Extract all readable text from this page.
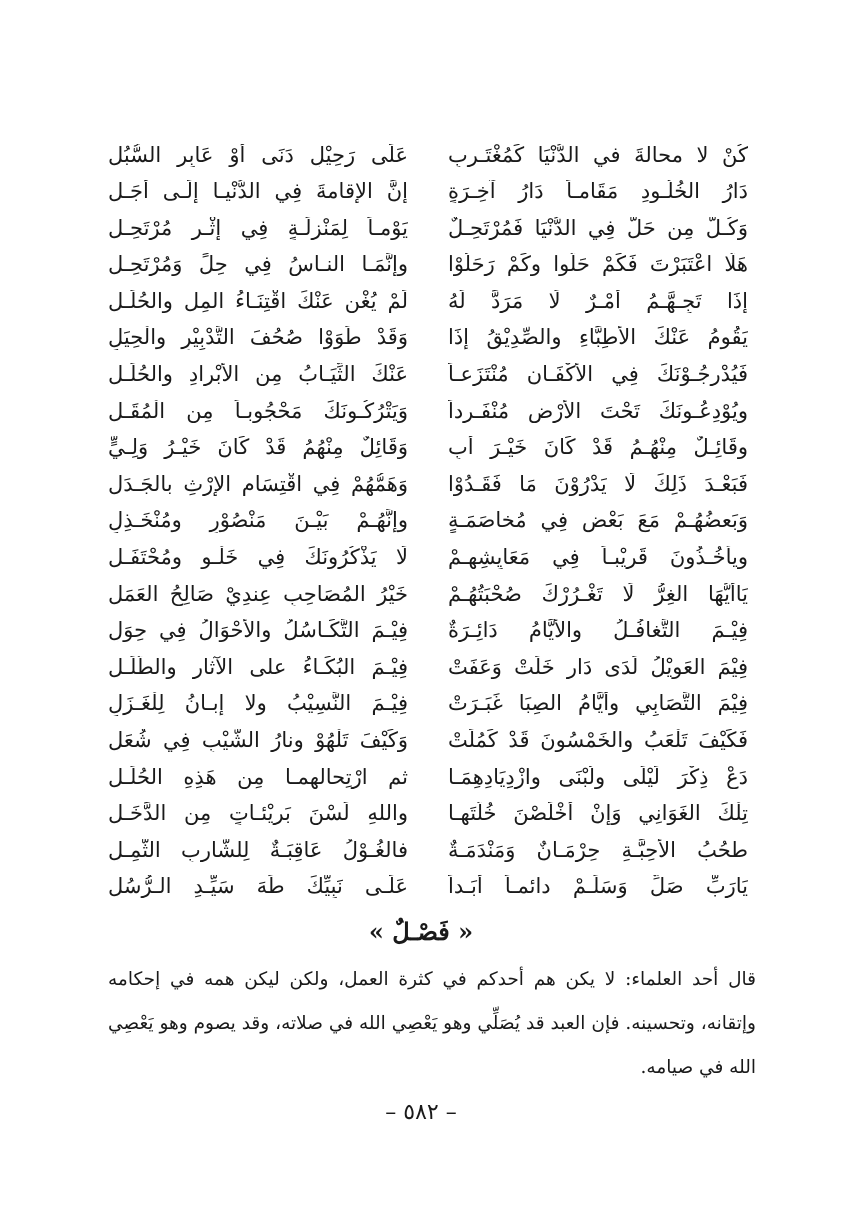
كُنْ لا محالةَ في الدُّنْيَا كَمُغْتَـرِبٍ
عَلَى رَحِيْلٍ دَنَى أَوْ عَابِرِ السُّبُلِ
دَارُ الخُلُـودِ مَقَامـاً دَارُ آخِـرَةٍ
إِنَّ الإقامةَ فِي الدُّنْيـا إِلَـى أَجَـلِ
وَكُـلُّ مِن حَلَّ فِي الدُّنْيَا فَمُرْتَحِـلٌ
يَوْمـاً لِمَنْزِلَـةٍ فِي إِثْـرِ مُرْتَحِـلِ
هَلَّا اعْتَبَرْتَ فَكَمْ حَلُّوا وكَمْ رَحَلُوْا
وإِنَّمَـا النـاسُ فِي حِلٍّ وَمُرْتَحِـلِ
إِذَا تَجِـهَّـمُ أَمْـرٌ لَا مَرَدَّ لَهُ
لَمْ يُغْنِ عَنْكَ اقْتِنَـاءُ المِلِ والحُلَـلِ
يَقُومُ عَنْكَ الأَطِبَّاءِ والصِّدِيْقُ إِذَا
وَقَدْ طَوَوْا صُحُفَ التَّدْبِيْرِ والْحِيَلِ
فَيُدْرِجُـوْنَكَ فِي الأَكْفَـانِ مُنْتَزَعـاً
عَنْكَ الثِّيَـابُ مِن الأَبْرادِ والحُلَـلِ
ويُوْدِعُـونَكَ تَحْتَ الأَرْضِ مُنْفَـرِداً
وَيَتْرُكُـونَكَ مَحْجُوبـاً مِن الْمُقَـلِ
وقَائِـلٌ مِنْهُـمُ قَدْ كَانَ خَيْـرَ أَبٍ
وَقَائِلٌ مِنْهُمُ قَدْ كَانَ خَيْـرُ وَلِـيٍّ
فَبَعْـدَ ذَلِكَ لَا يَدْرُوْنَ مَا فَقَـدُوْا
وَهَمُّهُمْ فِي اقْتِسَامِ الإِرْثِ بالجَـدَلِ
وَبَعضُهُـمْ مَعَ بَعْضٍ فِي مُخاصَمَـةٍ
وإِنَّهُـمْ بَيْـنَ مَنْصُوْرٍ ومُنْخَـذِلِ
ويأْخُـذُونَ قَرِيْبـاً فِي مَعَايِشِهِـمْ
لَا يَذْكُرُونَكَ فِي خَلْـوٍ ومُحْتَفَـلِ
يَاأَيُّهَا الغِرُّ لَا تَغْـرُرْكَ صُحْبَتُهُـمْ
خَيْرُ المُصَاحِبِ عِندِيْ صَالِحُ العَمَلِ
فِيْـمَ التَّغافُـلُ والأَيَّامُ دَائِـرَةٌ
فِيْـمَ التَّكَـاسُلُ والأَحْوَالُ فِي حِوَلِ
فِيْمَ العَوِيْلُ لَدَى دَارٍ خَلَتْ وَعَفَتْ
فِيْـمَ البُكَـاءُ على الآثارِ والطَّلَـلِ
فِيْمَ التَّصَابِي وأَيَّامُ الصِبَا غَبَـرَتْ
فِيْـمَ النَّسِيْبُ ولا إِبـانُ لِلْغَـزَلِ
فَكَيْفَ تَلْعَبُ والخَمْسُونَ قَدْ كَمُلَتْ
وَكَيْفَ تَلْهُوْ ونارُ الشَّيْبِ فِي شُعَلِ
دَعْ ذِكْرَ لَيْلَى ولُبْنَى وازْدِيَادِهِمَـا
ثم ارْتِحالهمـا مِن هَذِهِ الحُلَـلِ
تِلْكَ الغَوَانِي وَإِنْ أَخْلَصْنَ خُلَّتَهـا
واللهِ لَسْنَ بَرِيْئـاتٍ مِن الدَّخَـلِ
طحُبُ الأَحِبَّـةِ حِرْمَـانٌ وَمَنْدَمَـةٌ
فالغُـوْلُ عَاقِبَـةٌ لِلشَّارِبِ الثَّمِـلِ
يَارَبِّ صَلِّ وَسَلِّـمْ دائمـاً أَبَـداً
عَلَـى نَبِيِّكَ طَهَ سَيِّـدِ الـرُّسُلِ
« فَصْـلٌ »

قال أحد العلماء: لا يكن هم أحدكم في كثرة العمل، ولكن ليكن همه في إحكامه وإتقانه، وتحسينه. فإن العبد قد يُصَلِّي وهو يَعْصِي الله في صلاته، وقد يصوم وهو يَعْصِي الله في صيامه.

– ٥٨٢ –
